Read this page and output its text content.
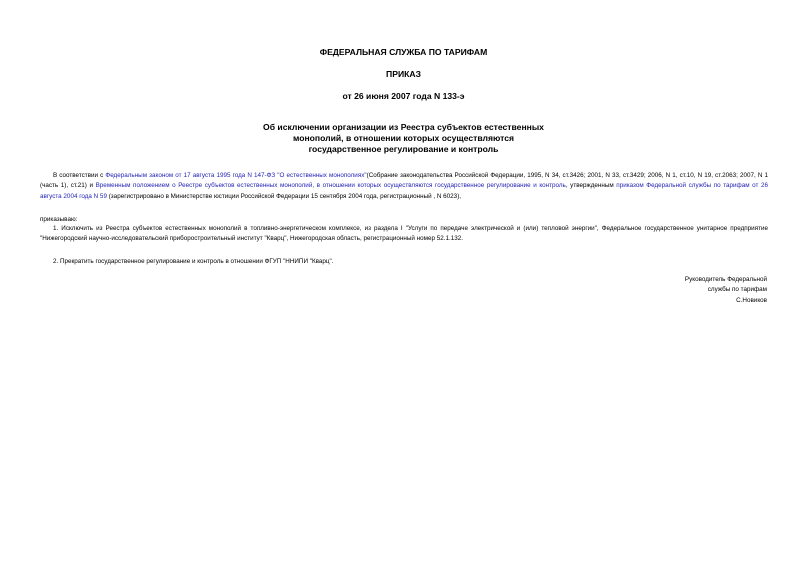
ФЕДЕРАЛЬНАЯ СЛУЖБА ПО ТАРИФАМ
ПРИКАЗ
от 26 июня 2007 года N 133-э
Об исключении организации из Реестра субъектов естественных
монополий, в отношении которых осуществляются
государственное регулирование и контроль

В соответствии с Федеральным законом от 17 августа 1995 года N 147-ФЗ "О естественных монополиях"(Собрание законодательства Российской Федерации, 1995, N 34, ст.3426; 2001, N 33, ст.3429; 2006, N 1, ст.10, N 19, ст.2063; 2007, N 1 (часть 1), ст.21) и Временным положением о Реестре субъектов естественных монополий, в отношении которых осуществляются государственное регулирование и контроль, утвержденным приказом Федеральной службы по тарифам от 26 августа 2004 года N 59 (зарегистрировано в Министерстве юстиции Российской Федерации 15 сентября 2004 года, регистрационный , N 6023),

приказываю:

1. Исключить из Реестра субъектов естественных монополий в топливно-энергетическом комплексе, из раздела I "Услуги по передаче электрической и (или) тепловой энергии", Федеральное государственное унитарное предприятие "Нижегородский научно-исследовательский приборостроительный институт "Кварц", Нижегородская область, регистрационный номер 52.1.132.

2. Прекратить государственное регулирование и контроль в отношении ФГУП "ННИПИ "Кварц".

Руководитель Федеральной
службы по тарифам
С.Новиков
